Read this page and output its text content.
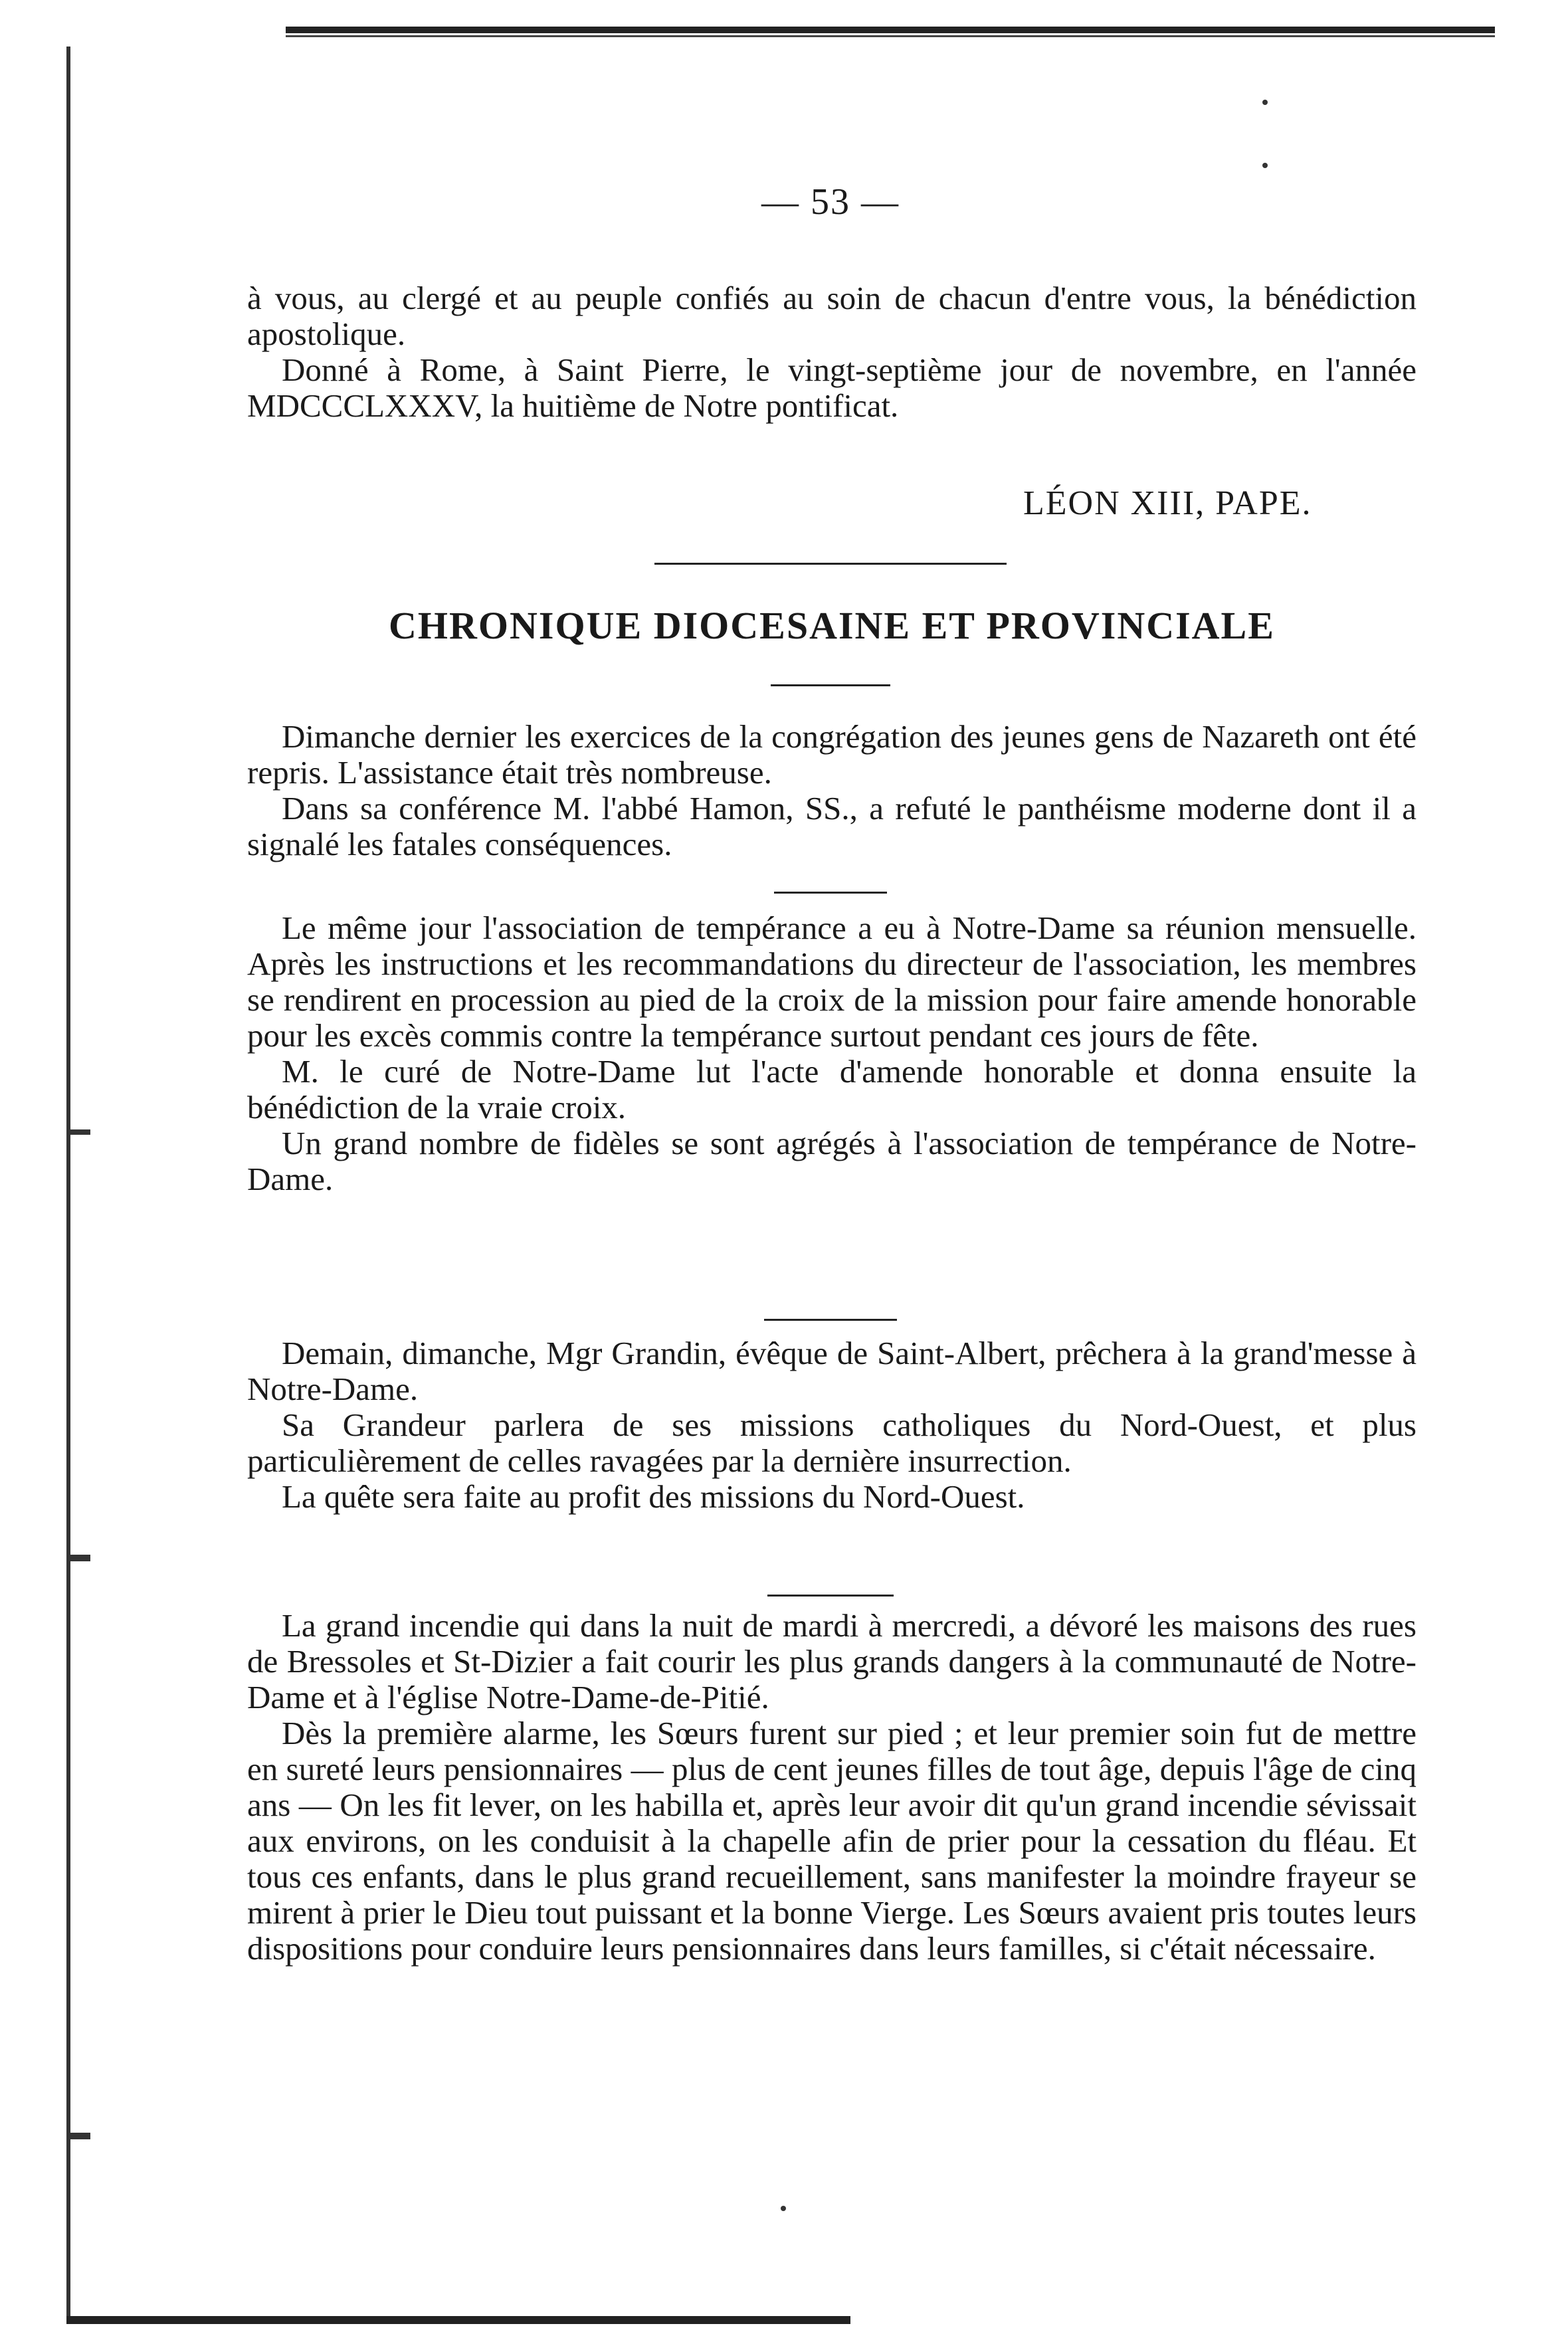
— 53 —

à vous, au clergé et au peuple confiés au soin de chacun d'entre vous, la bénédiction apostolique.

Donné à Rome, à Saint Pierre, le vingt-septième jour de novembre, en l'année MDCCCLXXXV, la huitième de Notre pontificat.

LÉON XIII, PAPE.
CHRONIQUE DIOCESAINE ET PROVINCIALE

Dimanche dernier les exercices de la congrégation des jeunes gens de Nazareth ont été repris. L'assistance était très nombreuse.

Dans sa conférence M. l'abbé Hamon, SS., a refuté le panthéisme moderne dont il a signalé les fatales conséquences.

Le même jour l'association de tempérance a eu à Notre-Dame sa réunion mensuelle. Après les instructions et les recommandations du directeur de l'association, les membres se rendirent en procession au pied de la croix de la mission pour faire amende honorable pour les excès commis contre la tempérance surtout pendant ces jours de fête.

M. le curé de Notre-Dame lut l'acte d'amende honorable et donna ensuite la bénédiction de la vraie croix.

Un grand nombre de fidèles se sont agrégés à l'association de tempérance de Notre-Dame.

Demain, dimanche, Mgr Grandin, évêque de Saint-Albert, prêchera à la grand'messe à Notre-Dame.

Sa Grandeur parlera de ses missions catholiques du Nord-Ouest, et plus particulièrement de celles ravagées par la dernière insurrection.

La quête sera faite au profit des missions du Nord-Ouest.

La grand incendie qui dans la nuit de mardi à mercredi, a dévoré les maisons des rues de Bressoles et St-Dizier a fait courir les plus grands dangers à la communauté de Notre-Dame et à l'église Notre-Dame-de-Pitié.

Dès la première alarme, les Sœurs furent sur pied ; et leur premier soin fut de mettre en sureté leurs pensionnaires — plus de cent jeunes filles de tout âge, depuis l'âge de cinq ans — On les fit lever, on les habilla et, après leur avoir dit qu'un grand incendie sévissait aux environs, on les conduisit à la chapelle afin de prier pour la cessation du fléau. Et tous ces enfants, dans le plus grand recueillement, sans manifester la moindre frayeur se mirent à prier le Dieu tout puissant et la bonne Vierge. Les Sœurs avaient pris toutes leurs dispositions pour conduire leurs pensionnaires dans leurs familles, si c'était nécessaire.
